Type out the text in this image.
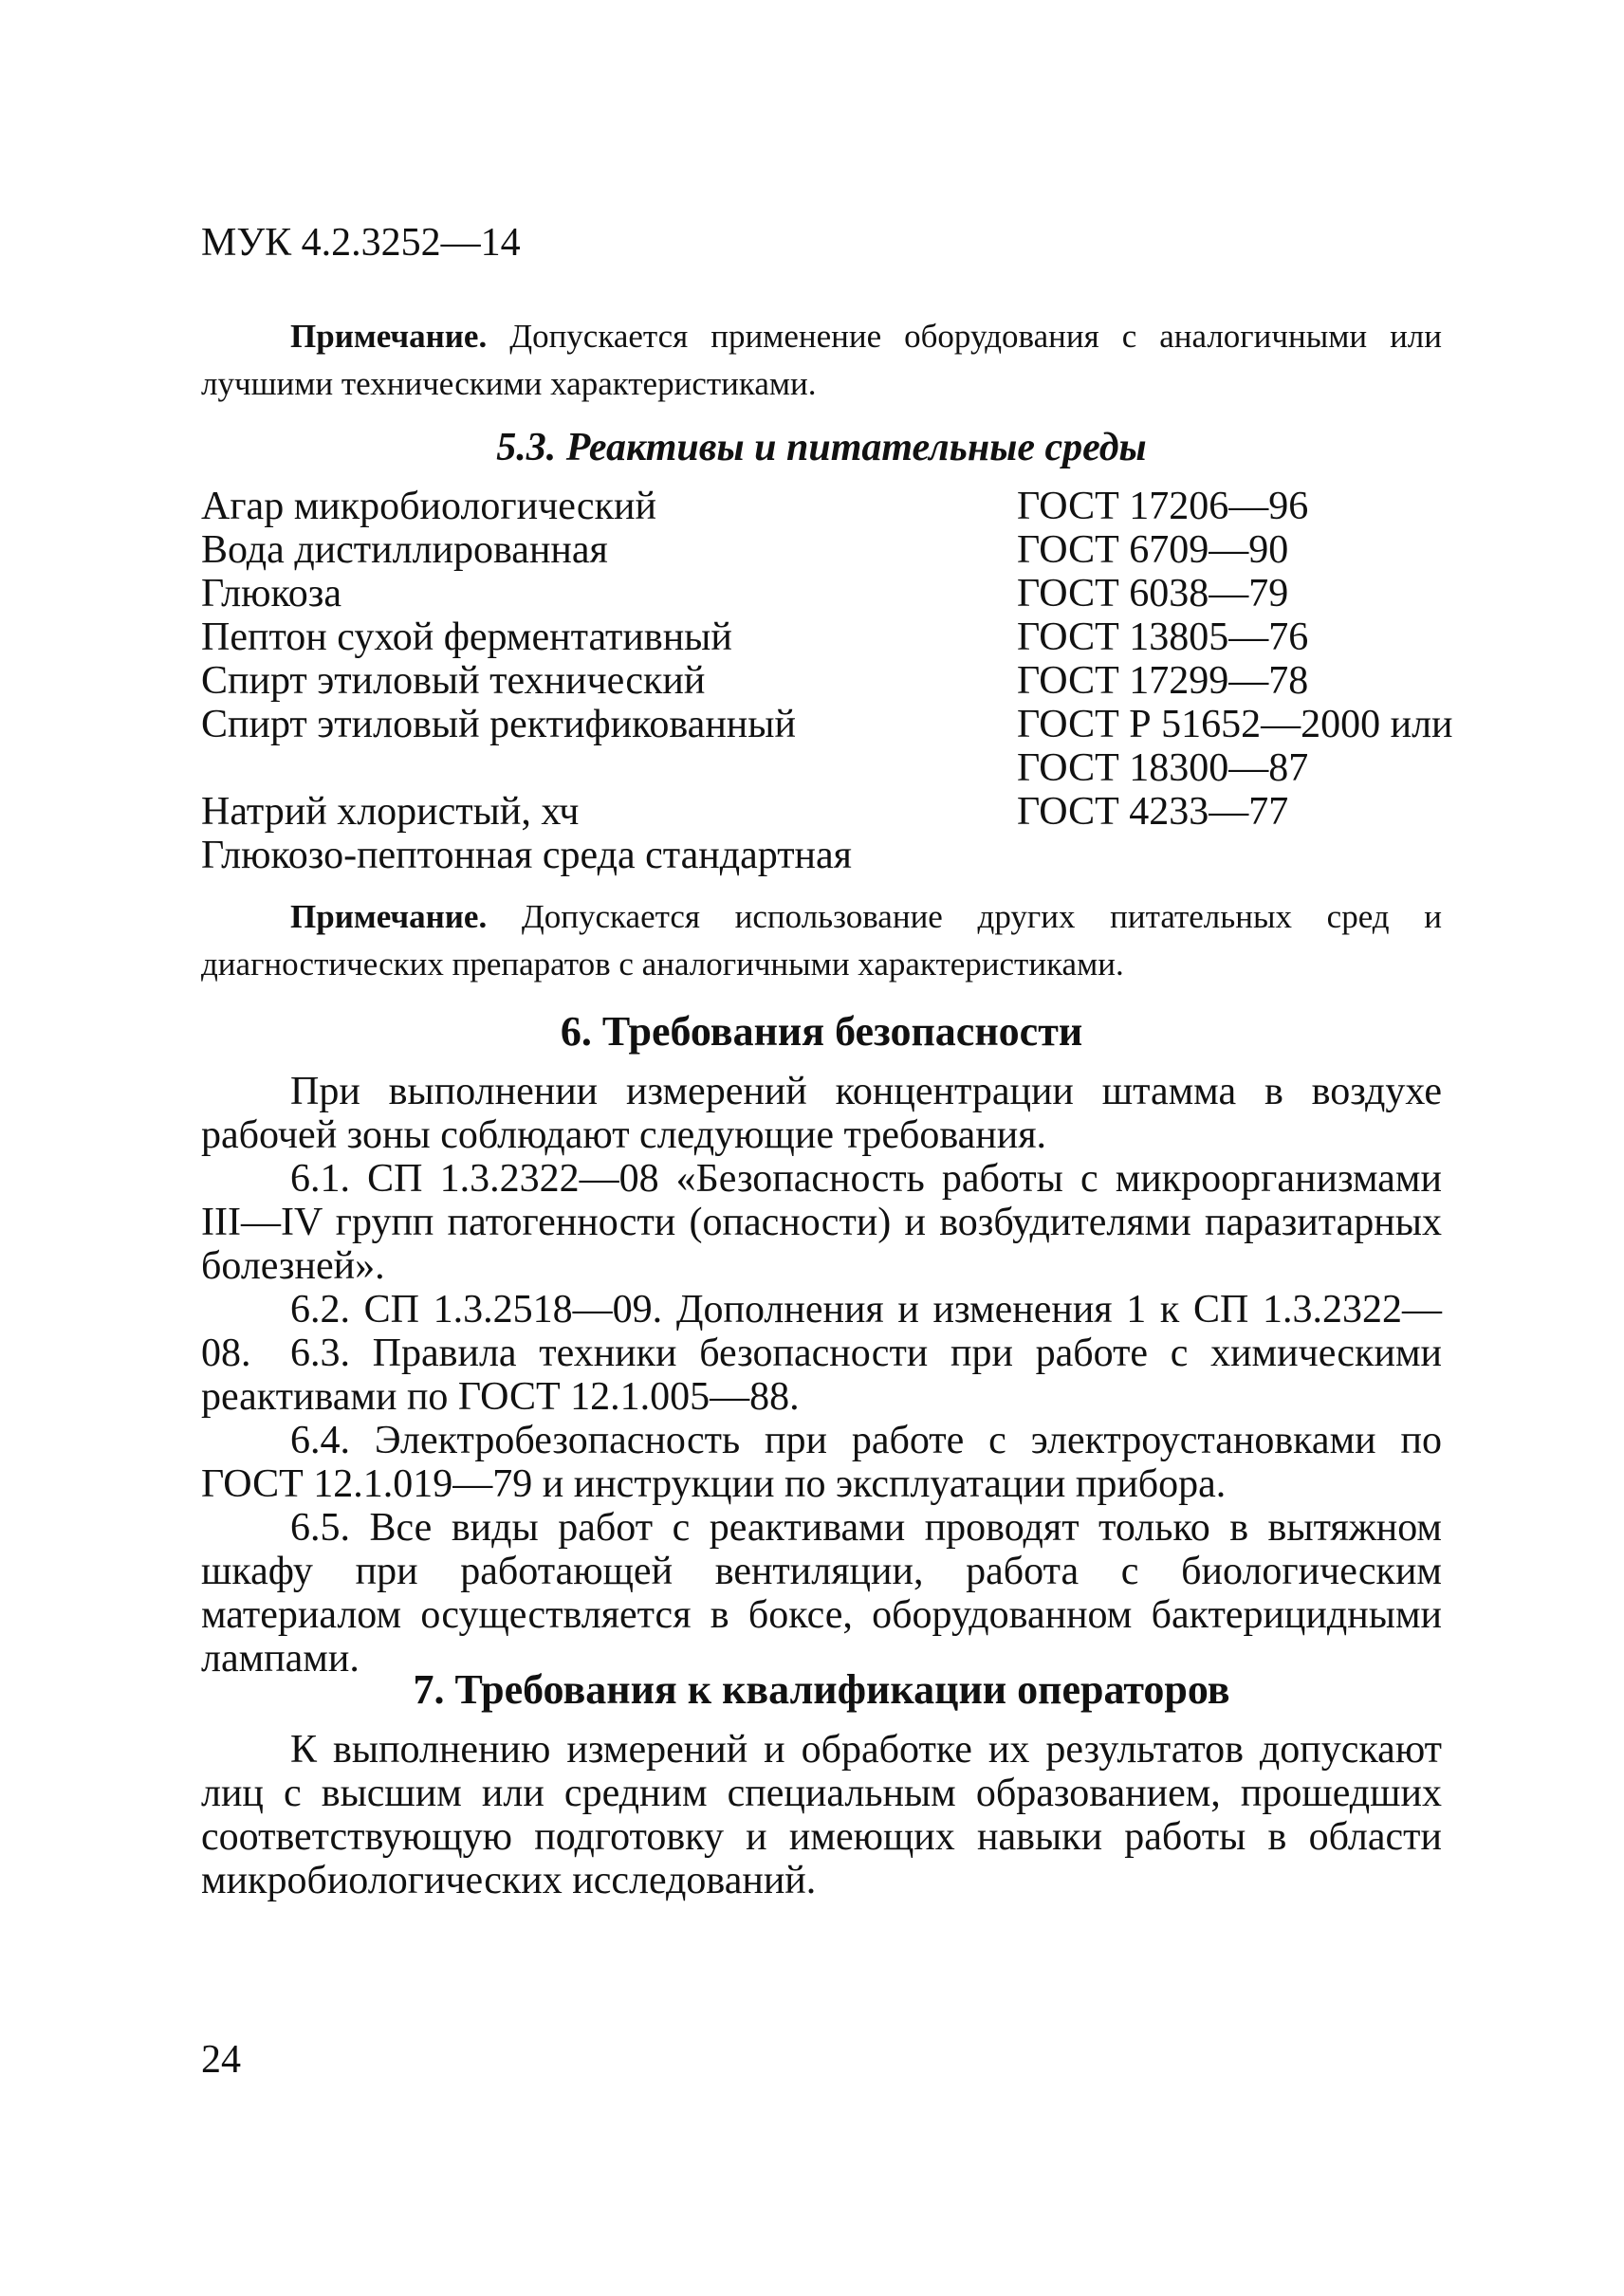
МУК 4.2.3252—14
Примечание. Допускается применение оборудования с аналогичными или лучшими техническими характеристиками.
5.3. Реактивы и питательные среды
Агар микробиологический	ГОСТ 17206—96
Вода дистиллированная	ГОСТ 6709—90
Глюкоза	ГОСТ 6038—79
Пептон сухой ферментативный	ГОСТ 13805—76
Спирт этиловый технический	ГОСТ 17299—78
Спирт этиловый ректификованный	ГОСТ Р 51652—2000 или
ГОСТ 18300—87
Натрий хлористый, хч	ГОСТ 4233—77
Глюкозо-пептонная среда стандартная
Примечание. Допускается использование других питательных сред и диагностических препаратов с аналогичными характеристиками.
6. Требования безопасности

При выполнении измерений концентрации штамма в воздухе рабочей зоны соблюдают следующие требования.

6.1. СП 1.3.2322—08 «Безопасность работы с микроорганизмами III—IV групп патогенности (опасности) и возбудителями паразитарных болезней».

6.2. СП 1.3.2518—09. Дополнения и изменения 1 к СП 1.3.2322—08. 6.3. Правила техники безопасности при работе с химическими реактивами по ГОСТ 12.1.005—88.

6.4. Электробезопасность при работе с электроустановками по ГОСТ 12.1.019—79 и инструкции по эксплуатации прибора.

6.5. Все виды работ с реактивами проводят только в вытяжном шкафу при работающей вентиляции, работа с биологическим материалом осуществляется в боксе, оборудованном бактерицидными лампами.

7. Требования к квалификации операторов

К выполнению измерений и обработке их результатов допускают лиц с высшим или средним специальным образованием, прошедших соответствующую подготовку и имеющих навыки работы в области микробиологических исследований.

24
